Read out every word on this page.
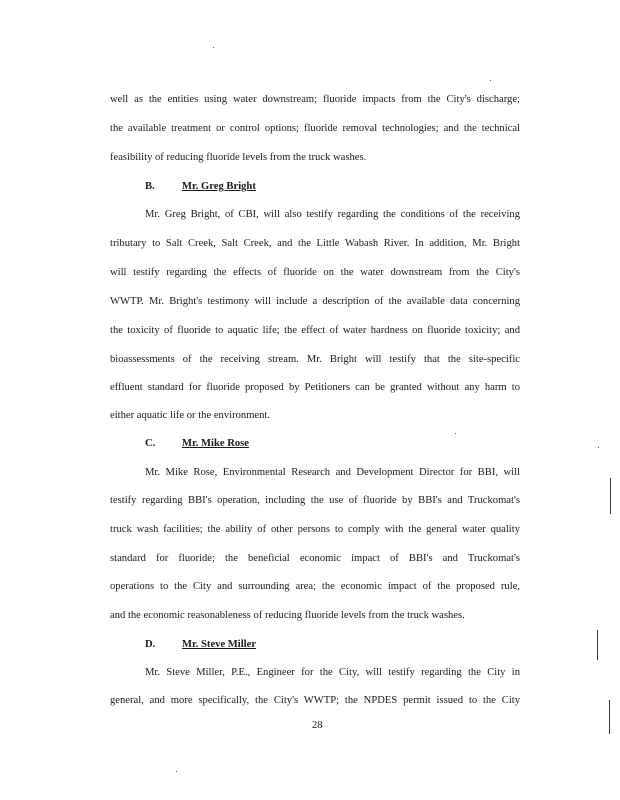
well as the entities using water downstream; fluoride impacts from the City's discharge;
the available treatment or control options; fluoride removal technologies; and the technical
feasibility of reducing fluoride levels from the truck washes.
B.	Mr. Greg Bright
Mr. Greg Bright, of CBI, will also testify regarding the conditions of the receiving
tributary to Salt Creek, Salt Creek, and the Little Wabash River. In addition, Mr. Bright
will testify regarding the effects of fluoride on the water downstream from the City's
WWTP. Mr. Bright's testimony will include a description of the available data concerning
the toxicity of fluoride to aquatic life; the effect of water hardness on fluoride toxicity; and
bioassessments of the receiving stream. Mr. Bright will testify that the site-specific
effluent standard for fluoride proposed by Petitioners can be granted without any harm to
either aquatic life or the environment.
C.	Mr. Mike Rose
Mr. Mike Rose, Environmental Research and Development Director for BBI, will
testify regarding BBI's operation, including the use of fluoride by BBI's and Truckomat's
truck wash facilities; the ability of other persons to comply with the general water quality
standard for fluoride; the beneficial economic impact of BBI's and Truckomat's
operations to the City and surrounding area; the economic impact of the proposed rule,
and the economic reasonableness of reducing fluoride levels from the truck washes.
D.	Mr. Steve Miller
Mr. Steve Miller, P.E., Engineer for the City, will testify regarding the City in
general, and more specifically, the City's WWTP; the NPDES permit issued to the City
28
